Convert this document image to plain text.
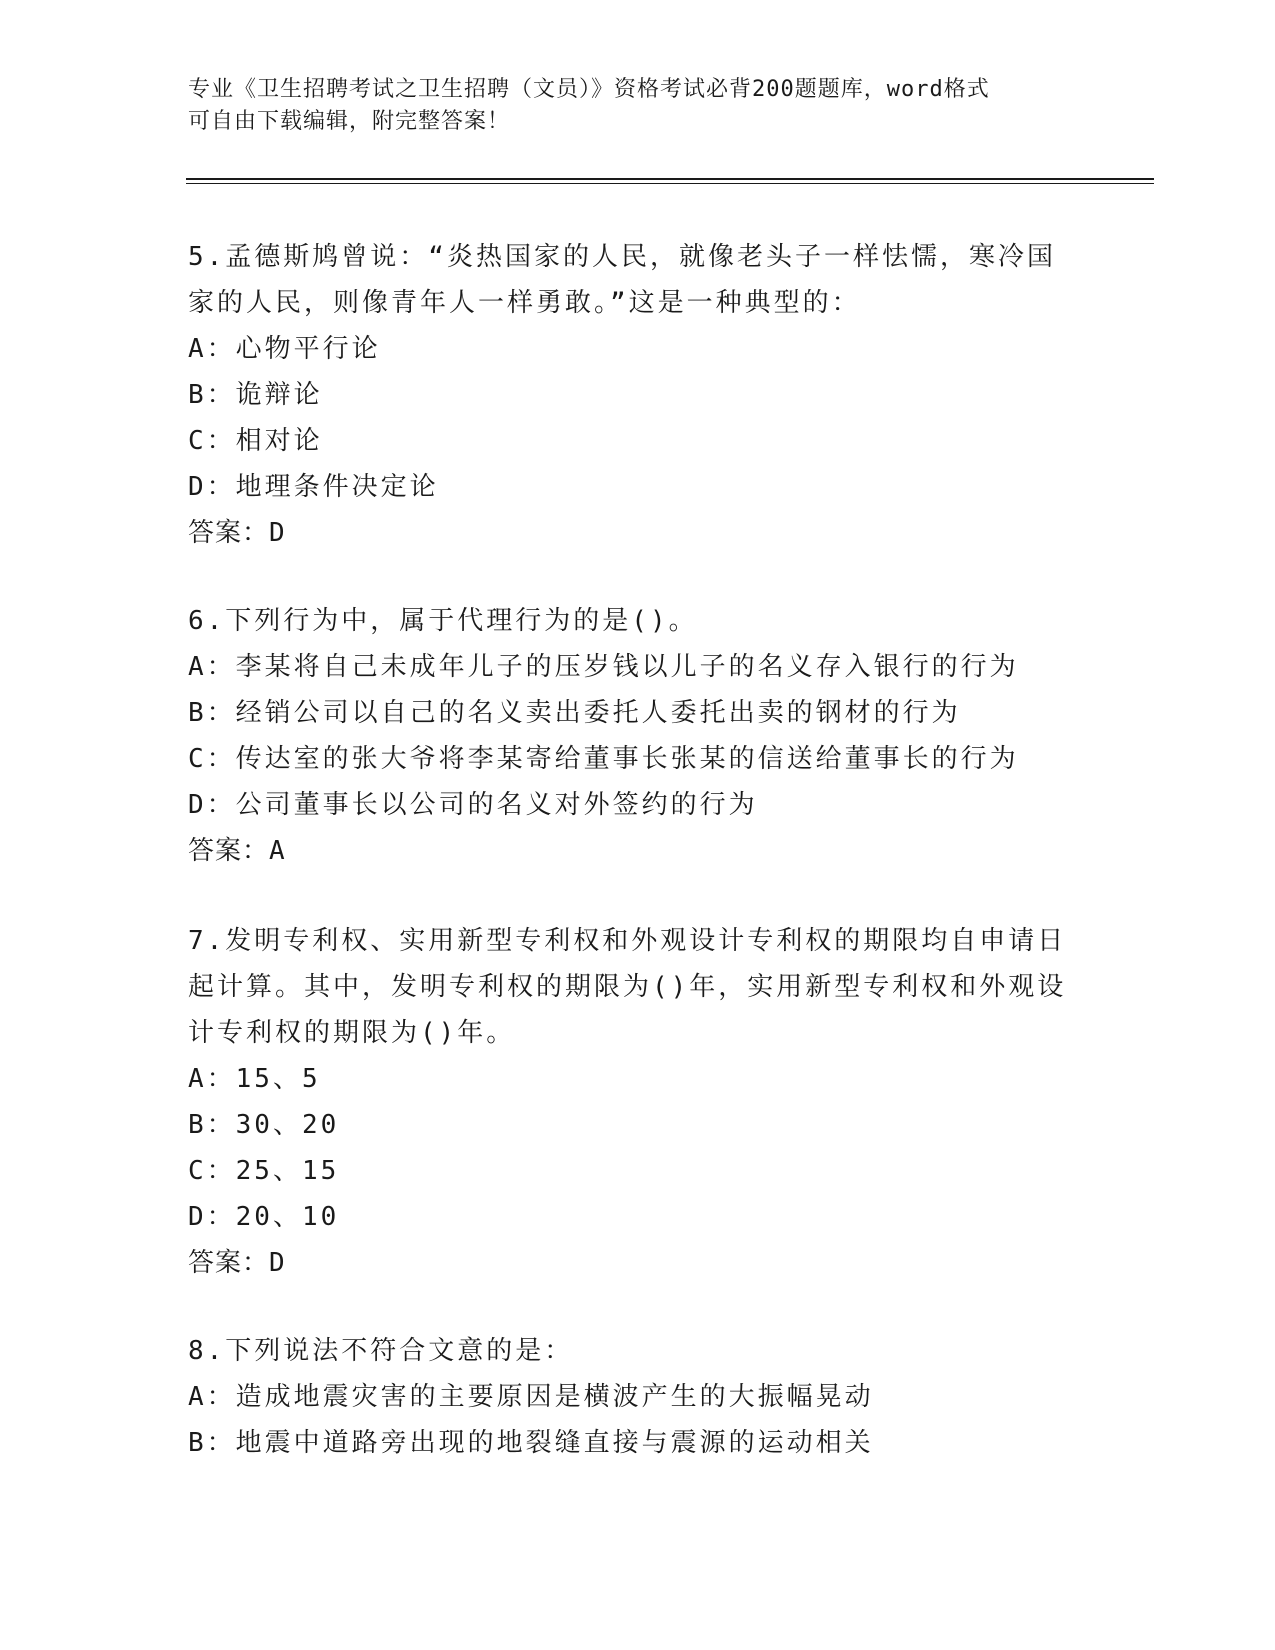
专业《卫生招聘考试之卫生招聘（文员）》资格考试必背200题题库，word格式
可自由下载编辑，附完整答案！
5.孟德斯鸠曾说：“炎热国家的人民，就像老头子一样怯懦，寒冷国
家的人民，则像青年人一样勇敢。”这是一种典型的：
A：心物平行论
B：诡辩论
C：相对论
D：地理条件决定论
答案：D
6.下列行为中，属于代理行为的是()。
A：李某将自己未成年儿子的压岁钱以儿子的名义存入银行的行为
B：经销公司以自己的名义卖出委托人委托出卖的钢材的行为
C：传达室的张大爷将李某寄给董事长张某的信送给董事长的行为
D：公司董事长以公司的名义对外签约的行为
答案：A
7.发明专利权、实用新型专利权和外观设计专利权的期限均自申请日
起计算。其中，发明专利权的期限为()年，实用新型专利权和外观设
计专利权的期限为()年。
A：15、5
B：30、20
C：25、15
D：20、10
答案：D
8.下列说法不符合文意的是：
A：造成地震灾害的主要原因是横波产生的大振幅晃动
B：地震中道路旁出现的地裂缝直接与震源的运动相关
